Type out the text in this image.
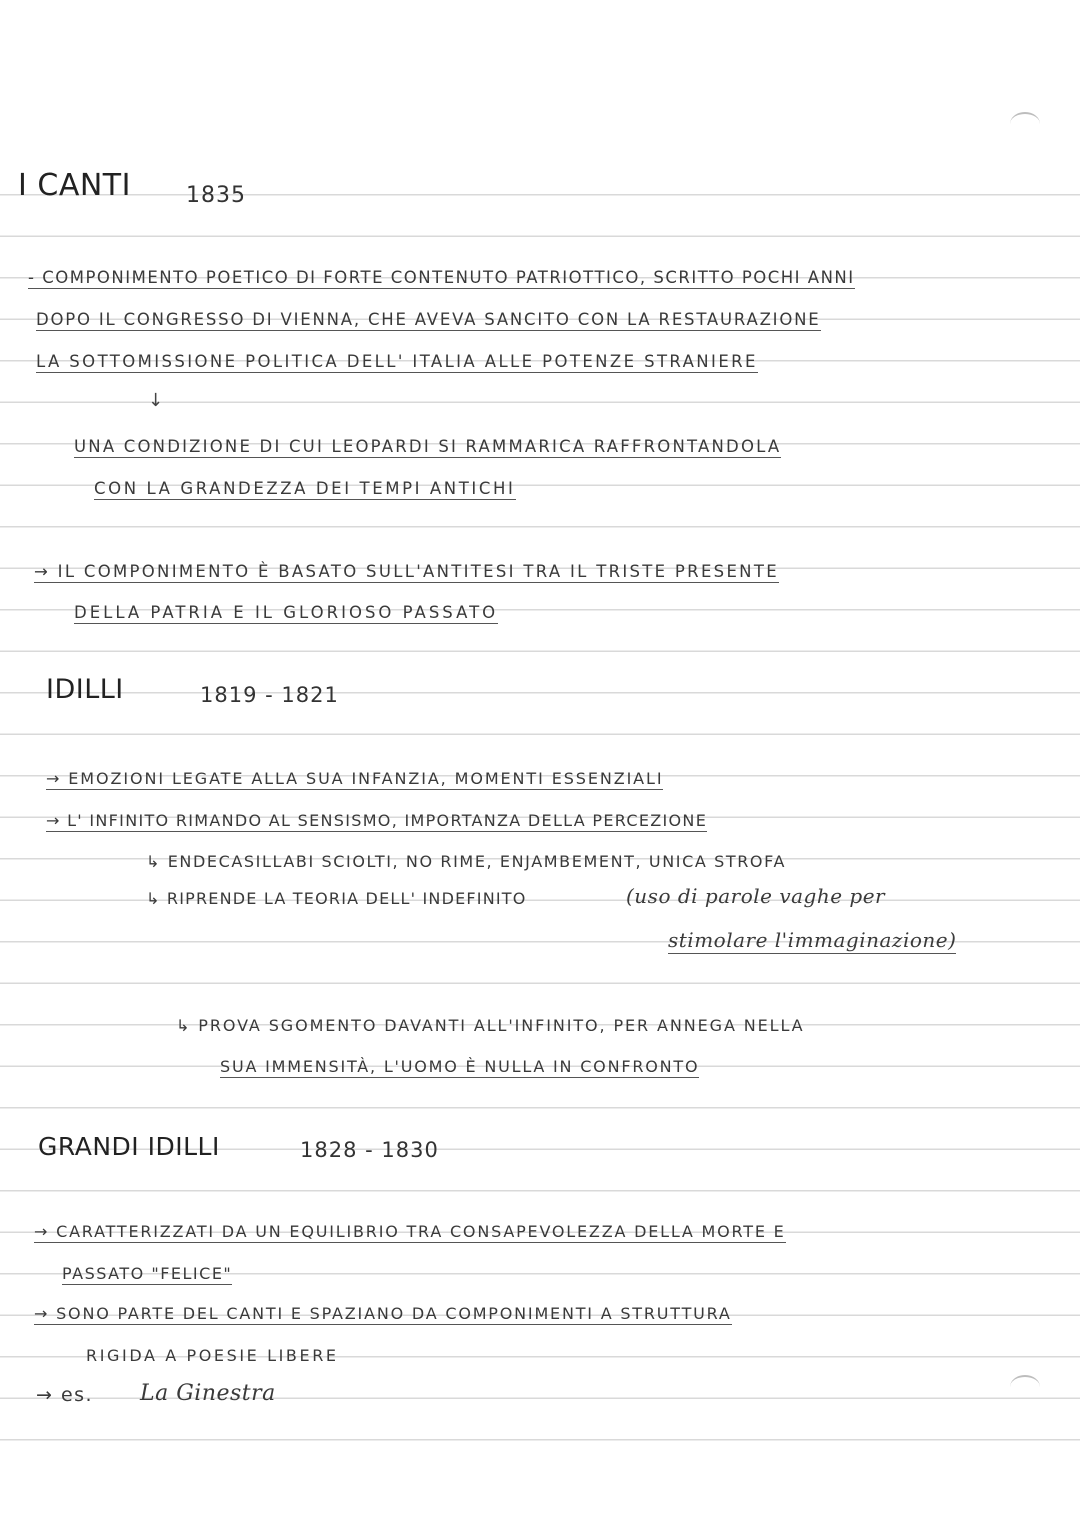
I CANTI	1835
- COMPONIMENTO POETICO DI FORTE CONTENUTO PATRIOTTICO, SCRITTO POCHI ANNI
DOPO IL CONGRESSO DI VIENNA, CHE AVEVA SANCITO CON LA RESTAURAZIONE
LA SOTTOMISSIONE POLITICA DELL' ITALIA ALLE POTENZE STRANIERE
↓
UNA CONDIZIONE DI CUI LEOPARDI SI RAMMARICA RAFFRONTANDOLA
CON LA GRANDEZZA DEI TEMPI ANTICHI
→ IL COMPONIMENTO È BASATO SULL'ANTITESI TRA IL TRISTE PRESENTE
DELLA PATRIA E IL GLORIOSO PASSATO
IDILLI	1819 - 1821
→ EMOZIONI LEGATE ALLA SUA INFANZIA, MOMENTI ESSENZIALI
→ L' INFINITO RIMANDO AL SENSISMO, IMPORTANZA DELLA PERCEZIONE
↳ ENDECASILLABI SCIOLTI, NO RIME, ENJAMBEMENT, UNICA STROFA
↳ RIPRENDE LA TEORIA DELL' INDEFINITO	(uso di parole vaghe per
stimolare l'immaginazione)
↳ PROVA SGOMENTO DAVANTI ALL'INFINITO, PER ANNEGA NELLA
SUA IMMENSITÀ, L'UOMO È NULLA IN CONFRONTO
GRANDI IDILLI	1828 - 1830
→ CARATTERIZZATI DA UN EQUILIBRIO TRA CONSAPEVOLEZZA DELLA MORTE E
PASSATO "FELICE"
→ SONO PARTE DEL CANTI E SPAZIANO DA COMPONIMENTI A STRUTTURA
RIGIDA A POESIE LIBERE
→ es. La Ginestra
